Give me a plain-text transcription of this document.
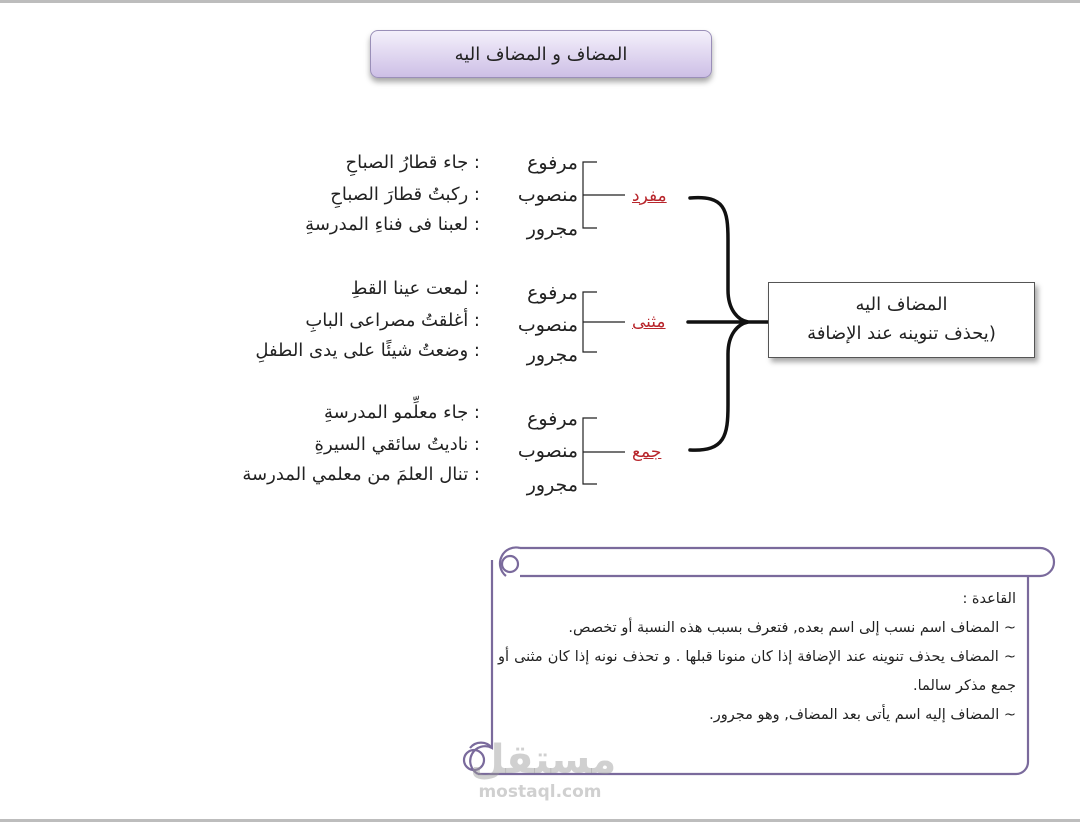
المضاف و المضاف اليه
مرفوع
منصوب
مجرور
: جاء قطارُ الصباحِ
: ركبتُ قطارَ الصباحِ
: لعبنا فى فناءِ المدرسةِ
مفرد
مرفوع
منصوب
مجرور
: لمعت عينا القطِ
: أغلقتُ مصراعى البابِ
: وضعتُ شيئًا على يدى الطفلِ
مثنى
مرفوع
منصوب
مجرور
: جاء معلِّمو المدرسةِ
: ناديتُ سائقي السيرةِ
: تنال العلمَ من معلمي المدرسة
جمع
المضاف اليه
(يحذف تنوينه عند الإضافة

القاعدة :

~ المضاف اسم نسب إلى اسم بعده, فتعرف بسبب هذه النسبة أو تخصص.

~ المضاف يحذف تنوينه عند الإضافة إذا كان منونا قبلها . و تحذف نونه إذا كان مثنى أو جمع مذكر سالما.

~ المضاف إليه اسم يأتى بعد المضاف, وهو مجرور.

مستقل
mostaql.com
